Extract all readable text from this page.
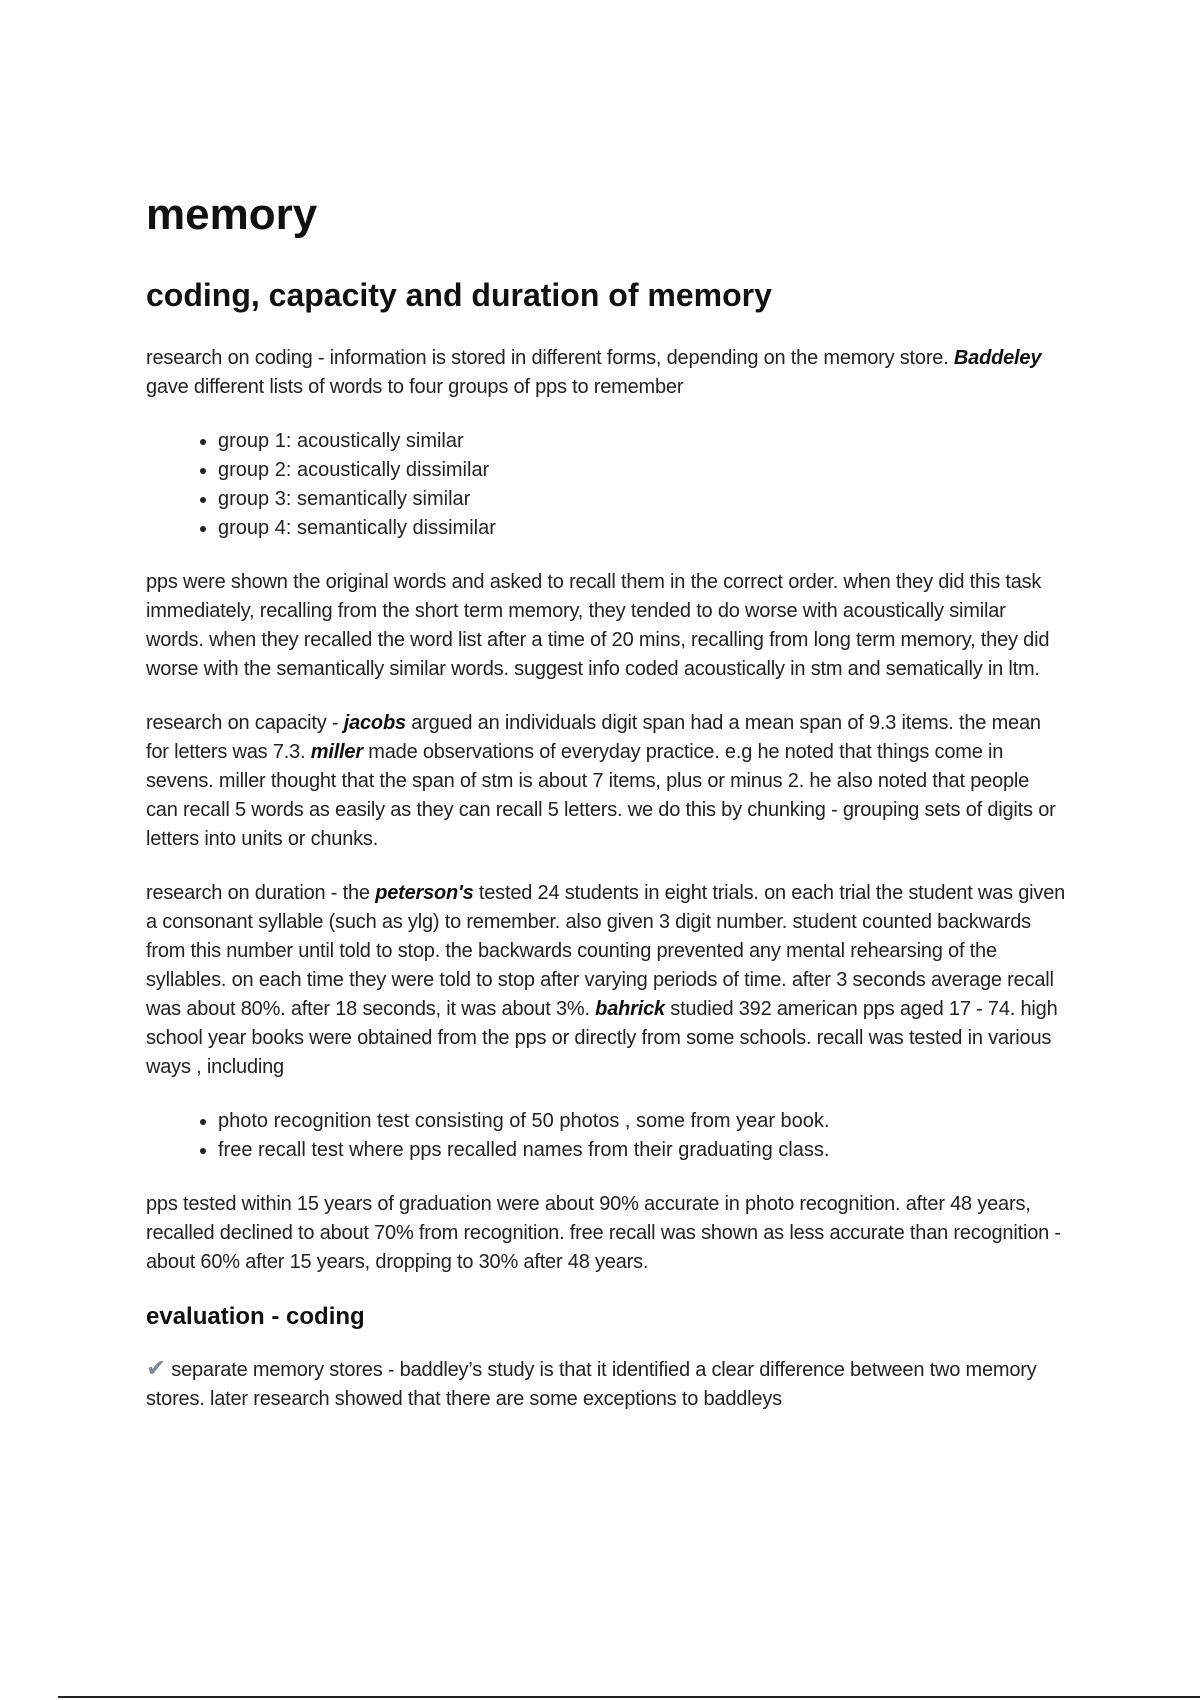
memory
coding, capacity and duration of memory

research on coding - information is stored in different forms, depending on the memory store. Baddeley gave different lists of words to four groups of pps to remember

• group 1: acoustically similar
• group 2: acoustically dissimilar
• group 3: semantically similar
• group 4: semantically dissimilar

pps were shown the original words and asked to recall them in the correct order. when they did this task immediately, recalling from the short term memory, they tended to do worse with acoustically similar words. when they recalled the word list after a time of 20 mins, recalling from long term memory, they did worse with the semantically similar words. suggest info coded acoustically in stm and sematically in ltm.

research on capacity - jacobs argued an individuals digit span had a mean span of 9.3 items. the mean for letters was 7.3. miller made observations of everyday practice. e.g he noted that things come in sevens. miller thought that the span of stm is about 7 items, plus or minus 2. he also noted that people can recall 5 words as easily as they can recall 5 letters. we do this by chunking - grouping sets of digits or letters into units or chunks.

research on duration - the peterson's tested 24 students in eight trials. on each trial the student was given a consonant syllable (such as ylg) to remember. also given 3 digit number. student counted backwards from this number until told to stop. the backwards counting prevented any mental rehearsing of the syllables. on each time they were told to stop after varying periods of time. after 3 seconds average recall was about 80%. after 18 seconds, it was about 3%. bahrick studied 392 american pps aged 17 - 74. high school year books were obtained from the pps or directly from some schools. recall was tested in various ways , including

• photo recognition test consisting of 50 photos , some from year book.
• free recall test where pps recalled names from their graduating class.

pps tested within 15 years of graduation were about 90% accurate in photo recognition. after 48 years, recalled declined to about 70% from recognition. free recall was shown as less accurate than recognition - about 60% after 15 years, dropping to 30% after 48 years.

evaluation - coding

✔ separate memory stores - baddley’s study is that it identified a clear difference between two memory stores. later research showed that there are some exceptions to baddleys
